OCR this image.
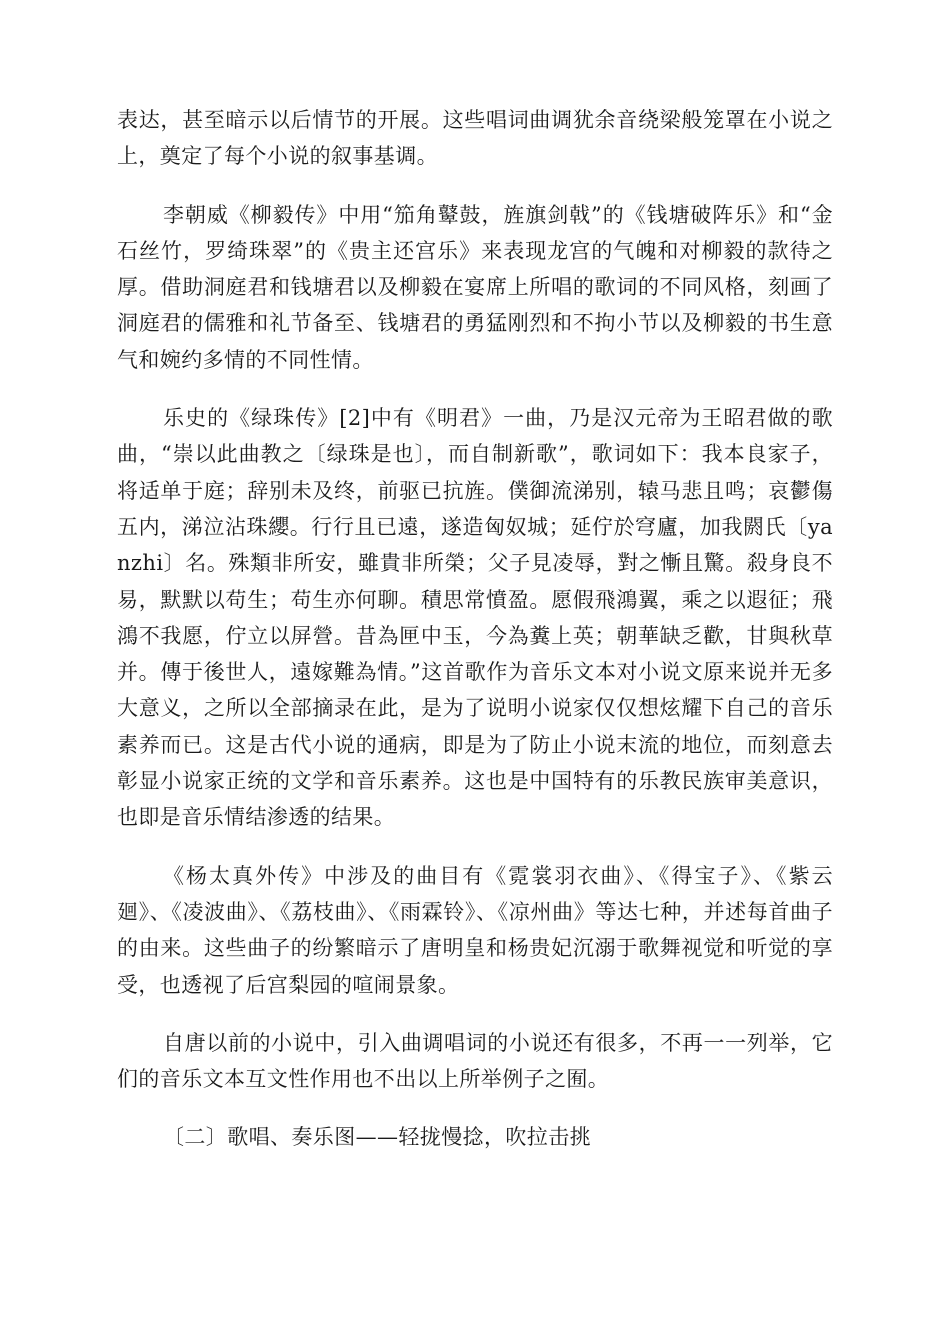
表达，甚至暗示以后情节的开展。这些唱词曲调犹余音绕梁般笼罩在小说之上，奠定了每个小说的叙事基调。

李朝威《柳毅传》中用“笳角鼙鼓，旌旗剑戟”的《钱塘破阵乐》和“金石丝竹，罗绮珠翠”的《贵主还宫乐》来表现龙宫的气魄和对柳毅的款待之厚。借助洞庭君和钱塘君以及柳毅在宴席上所唱的歌词的不同风格，刻画了洞庭君的儒雅和礼节备至、钱塘君的勇猛刚烈和不拘小节以及柳毅的书生意气和婉约多情的不同性情。

乐史的《绿珠传》[2]中有《明君》一曲，乃是汉元帝为王昭君做的歌曲，“崇以此曲教之〔绿珠是也〕，而自制新歌”，歌词如下：我本良家子，将适单于庭；辞别未及终，前驱已抗旌。僕御流涕别，辕马悲且鸣；哀鬱傷五内，涕泣沾珠纓。行行且已遠，遂造匈奴城；延佇於穹廬，加我閼氏〔yanzhi〕名。殊類非所安，雖貴非所榮；父子見凌辱，對之慚且驚。殺身良不易，默默以苟生；苟生亦何聊。積思常憤盈。愿假飛鴻翼，乘之以遐征；飛鴻不我愿，佇立以屏營。昔為匣中玉，今為糞上英；朝華缺乏歡，甘與秋草并。傳于後世人，遠嫁難為情。”这首歌作为音乐文本对小说文原来说并无多大意义，之所以全部摘录在此，是为了说明小说家仅仅想炫耀下自己的音乐素养而已。这是古代小说的通病，即是为了防止小说末流的地位，而刻意去彰显小说家正统的文学和音乐素养。这也是中国特有的乐教民族审美意识，也即是音乐情结渗透的结果。

《杨太真外传》中涉及的曲目有《霓裳羽衣曲》、《得宝子》、《紫云廻》、《凌波曲》、《荔枝曲》、《雨霖铃》、《凉州曲》等达七种，并述每首曲子的由来。这些曲子的纷繁暗示了唐明皇和杨贵妃沉溺于歌舞视觉和听觉的享受，也透视了后宫梨园的喧闹景象。

自唐以前的小说中，引入曲调唱词的小说还有很多，不再一一列举，它们的音乐文本互文性作用也不出以上所举例子之囿。

〔二〕歌唱、奏乐图——轻拢慢捻，吹拉击挑
